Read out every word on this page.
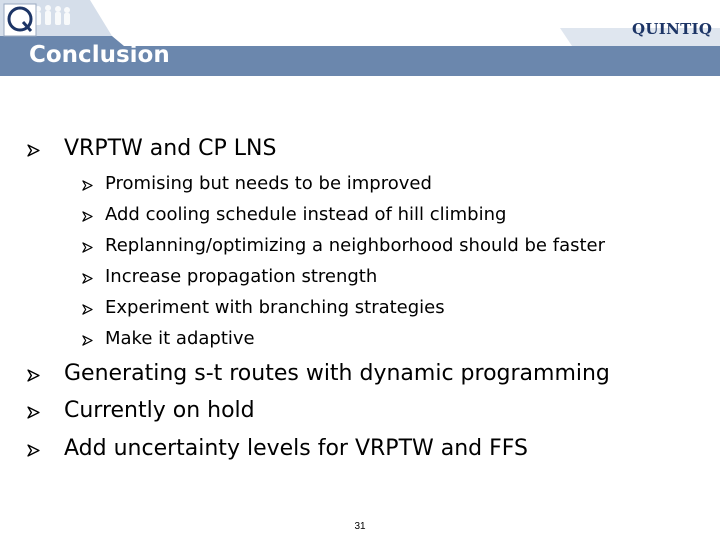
Conclusion
QUINTIQ
VRPTW and CP LNS
Promising but needs to be improved
Add cooling schedule instead of hill climbing
Replanning/optimizing a neighborhood should be faster
Increase propagation strength
Experiment with branching strategies
Make it adaptive
Generating s-t routes with dynamic programming
Currently on hold
Add uncertainty levels for VRPTW and FFS
31
